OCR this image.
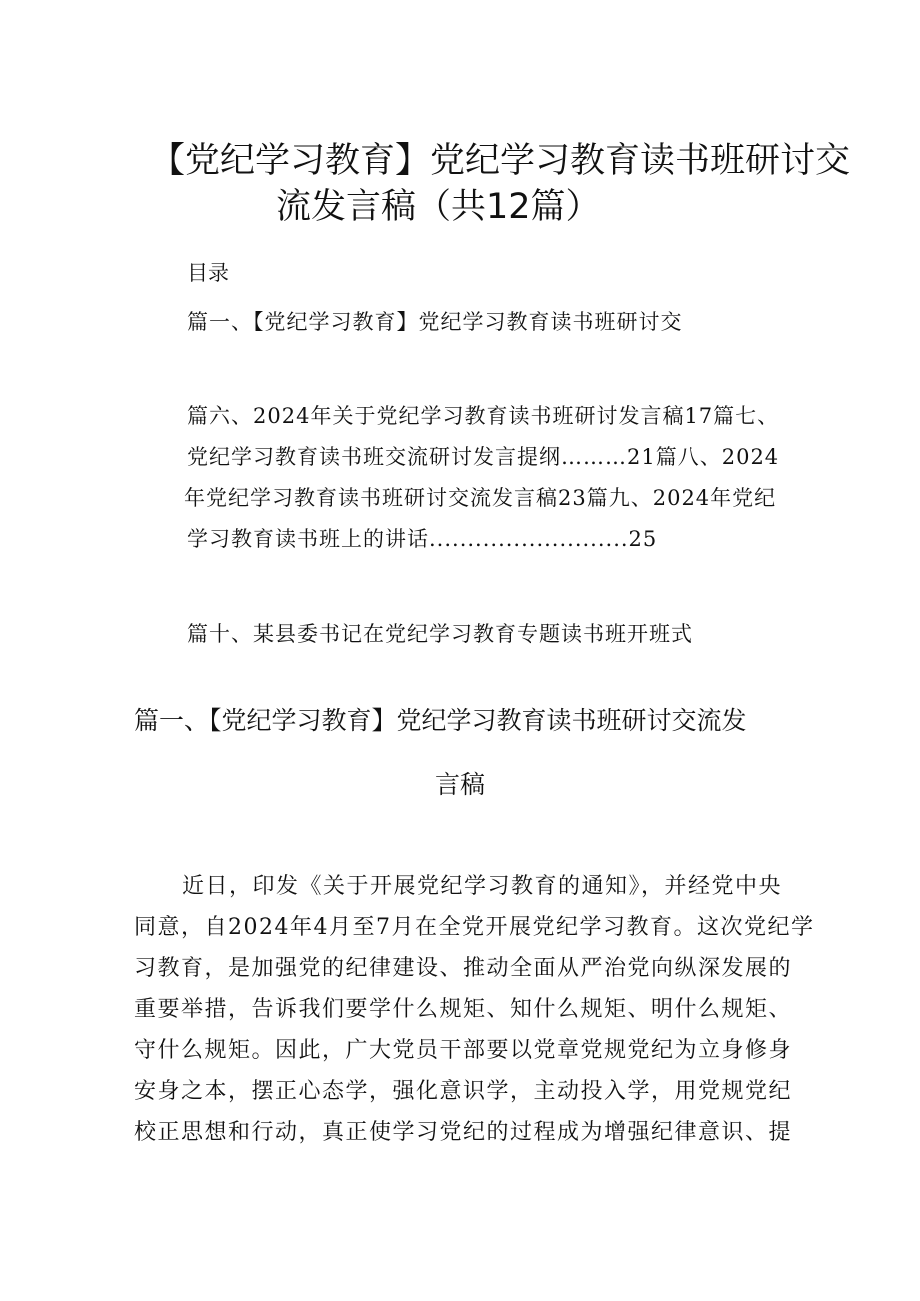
【党纪学习教育】党纪学习教育读书班研讨交
流发言稿（共12篇）
目录
篇一、【党纪学习教育】党纪学习教育读书班研讨交
篇六、2024年关于党纪学习教育读书班研讨发言稿17篇七、
党纪学习教育读书班交流研讨发言提纲………21篇八、2024
年党纪学习教育读书班研讨交流发言稿23篇九、2024年党纪
学习教育读书班上的讲话..........................25
篇十、某县委书记在党纪学习教育专题读书班开班式
篇一、【党纪学习教育】党纪学习教育读书班研讨交流发
言稿
近日，印发《关于开展党纪学习教育的通知》，并经党中央
同意，自2024年4月至7月在全党开展党纪学习教育。这次党纪学
习教育，是加强党的纪律建设、推动全面从严治党向纵深发展的
重要举措，告诉我们要学什么规矩、知什么规矩、明什么规矩、
守什么规矩。因此，广大党员干部要以党章党规党纪为立身修身
安身之本，摆正心态学，强化意识学，主动投入学，用党规党纪
校正思想和行动，真正使学习党纪的过程成为增强纪律意识、提
